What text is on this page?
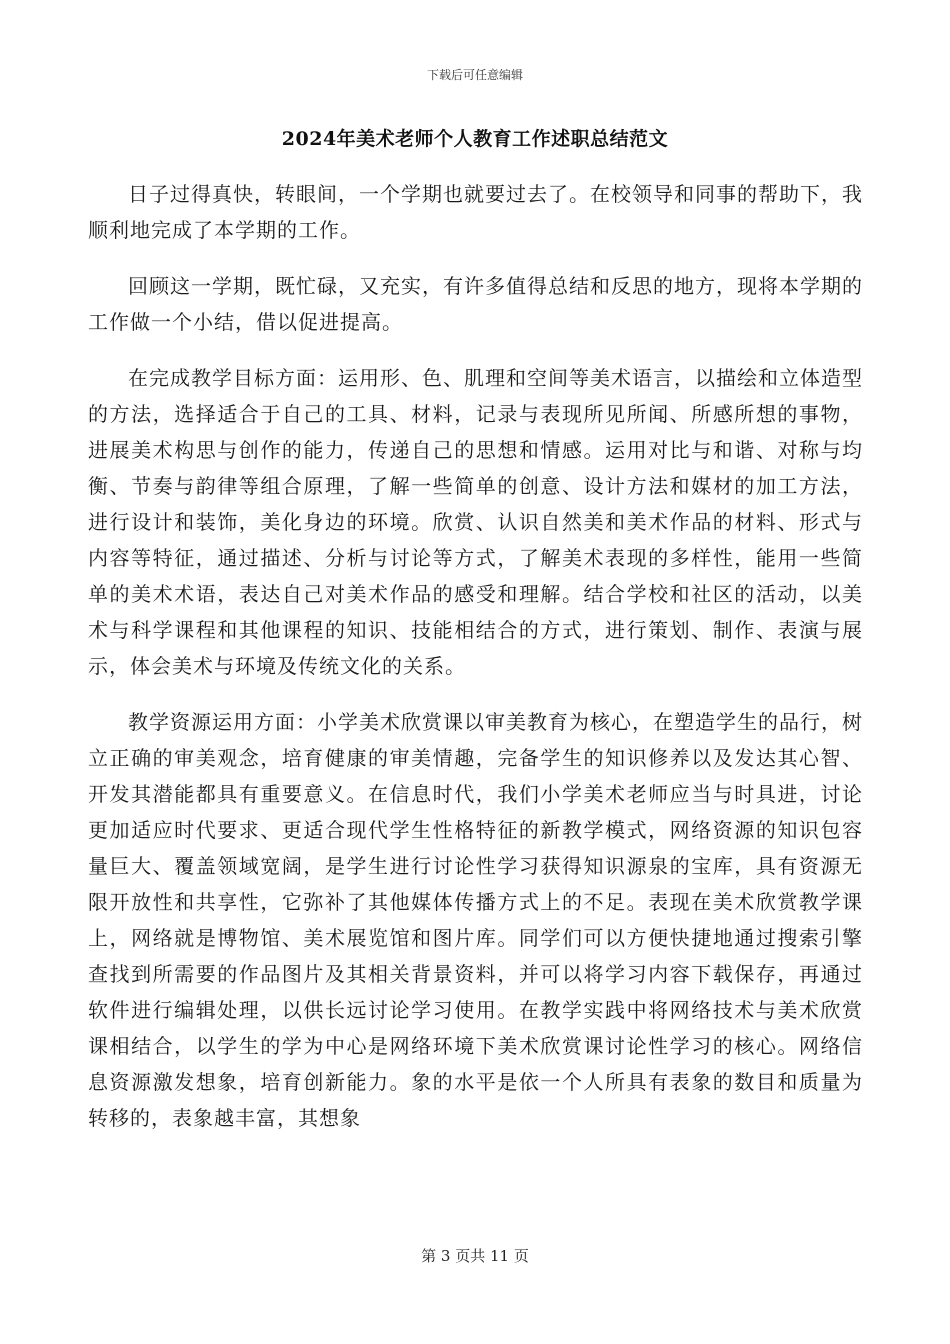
下载后可任意编辑
2024年美术老师个人教育工作述职总结范文

日子过得真快，转眼间，一个学期也就要过去了。在校领导和同事的帮助下，我顺利地完成了本学期的工作。

回顾这一学期，既忙碌，又充实，有许多值得总结和反思的地方，现将本学期的工作做一个小结，借以促进提高。

在完成教学目标方面：运用形、色、肌理和空间等美术语言，以描绘和立体造型的方法，选择适合于自己的工具、材料，记录与表现所见所闻、所感所想的事物，进展美术构思与创作的能力，传递自己的思想和情感。运用对比与和谐、对称与均衡、节奏与韵律等组合原理，了解一些简单的创意、设计方法和媒材的加工方法，进行设计和装饰，美化身边的环境。欣赏、认识自然美和美术作品的材料、形式与内容等特征，通过描述、分析与讨论等方式，了解美术表现的多样性，能用一些简单的美术术语，表达自己对美术作品的感受和理解。结合学校和社区的活动，以美术与科学课程和其他课程的知识、技能相结合的方式，进行策划、制作、表演与展示，体会美术与环境及传统文化的关系。

教学资源运用方面：小学美术欣赏课以审美教育为核心，在塑造学生的品行，树立正确的审美观念，培育健康的审美情趣，完备学生的知识修养以及发达其心智、开发其潜能都具有重要意义。在信息时代，我们小学美术老师应当与时具进，讨论更加适应时代要求、更适合现代学生性格特征的新教学模式，网络资源的知识包容量巨大、覆盖领域宽阔，是学生进行讨论性学习获得知识源泉的宝库，具有资源无限开放性和共享性，它弥补了其他媒体传播方式上的不足。表现在美术欣赏教学课上，网络就是博物馆、美术展览馆和图片库。同学们可以方便快捷地通过搜索引擎查找到所需要的作品图片及其相关背景资料，并可以将学习内容下载保存，再通过软件进行编辑处理，以供长远讨论学习使用。在教学实践中将网络技术与美术欣赏课相结合，以学生的学为中心是网络环境下美术欣赏课讨论性学习的核心。网络信息资源激发想象，培育创新能力。象的水平是依一个人所具有表象的数目和质量为转移的，表象越丰富，其想象

第 3 页共 11 页
